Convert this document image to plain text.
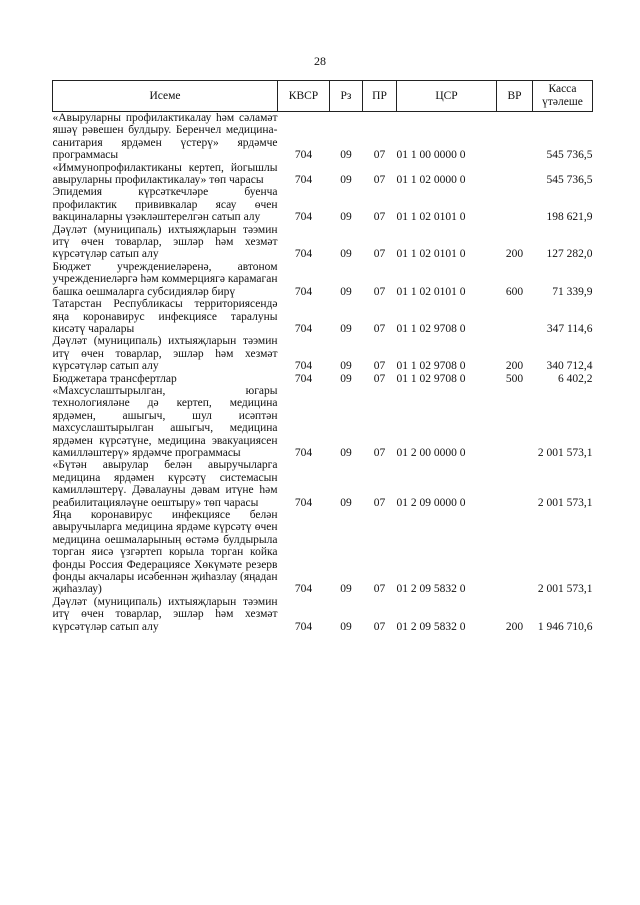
28
Исеме	КВСР	Рз	ПР	ЦСР	ВР	Касса үтәлеше
«Авыруларны профилактикалау һәм сәламәт яшәү рәвешен булдыру. Беренчел медицина-санитария ярдәмен үстерү» ярдәмче программасы	704	09	07	01 1 00 0000 0		545 736,5
«Иммунопрофилактиканы кертеп, йогышлы авыруларны профилактикалау» төп чарасы	704	09	07	01 1 02 0000 0		545 736,5
Эпидемия күрсәткечләре буенча профилактик прививкалар ясау өчен вакциналарны үзәкләштерелгән сатып алу	704	09	07	01 1 02 0101 0		198 621,9
Дәүләт (муниципаль) ихтыяҗларын тәэмин итү өчен товарлар, эшләр һәм хезмәт күрсәтүләр сатып алу	704	09	07	01 1 02 0101 0	200	127 282,0
Бюджет учреждениеләренә, автоном учреждениеләргә һәм коммерциягә карамаган башка оешмаларга субсидияләр бирү	704	09	07	01 1 02 0101 0	600	71 339,9
Татарстан Республикасы территориясендә яңа коронавирус инфекциясе таралуны кисәтү чаралары	704	09	07	01 1 02 9708 0		347 114,6
Дәүләт (муниципаль) ихтыяҗларын тәэмин итү өчен товарлар, эшләр һәм хезмәт күрсәтүләр сатып алу	704	09	07	01 1 02 9708 0	200	340 712,4
Бюджетара трансфертлар	704	09	07	01 1 02 9708 0	500	6 402,2
«Махсуслаштырылган, югары технологияләне дә кертеп, медицина ярдәмен, ашыгыч, шул исәптән махсуслаштырылган ашыгыч, медицина ярдәмен күрсәтүне, медицина эвакуациясен камилләштерү» ярдәмче программасы	704	09	07	01 2 00 0000 0		2 001 573,1
«Бүтән авырулар белән авыручыларга медицина ярдәмен күрсәтү системасын камилләштерү. Дәвалауны дәвам итүне һәм реабилитацияләүне оештыру» төп чарасы	704	09	07	01 2 09 0000 0		2 001 573,1
Яңа коронавирус инфекциясе белән авыручыларга медицина ярдәме күрсәтү өчен медицина оешмаларының өстәмә булдырыла торган яисә үзгәртеп корыла торган койка фонды Россия Федерациясе Хөкүмәте резерв фонды акчалары исәбеннән җиһазлау (яңадан җиһазлау)	704	09	07	01 2 09 5832 0		2 001 573,1
Дәүләт (муниципаль) ихтыяҗларын тәэмин итү өчен товарлар, эшләр һәм хезмәт күрсәтүләр сатып алу	704	09	07	01 2 09 5832 0	200	1 946 710,6
